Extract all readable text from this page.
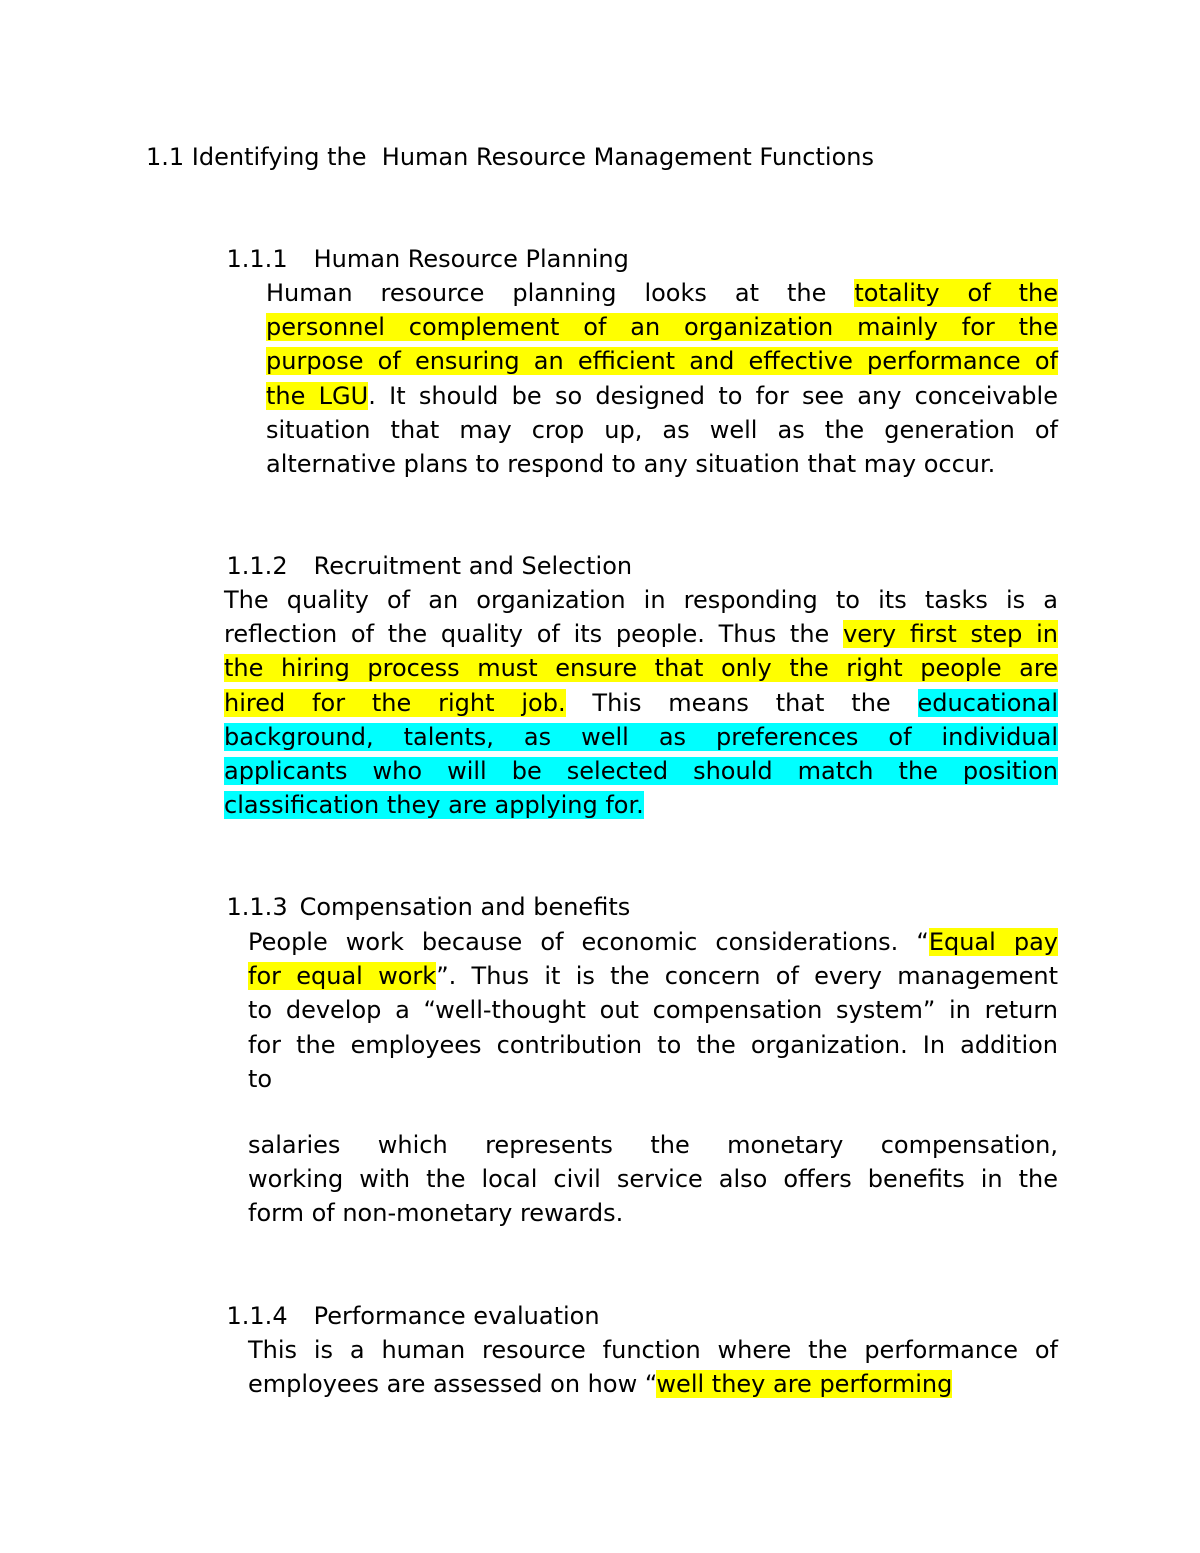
1.1 Identifying the  Human Resource Management Functions

1.1.1 Human Resource Planning

Human resource planning looks at the totality of the
personnel complement of an organization mainly for the
purpose of ensuring an efficient and effective performance of
the LGU. It should be so designed to for see any conceivable
situation that may crop up, as well as the generation of
alternative plans to respond to any situation that may occur.

1.1.2 Recruitment and Selection

The quality of an organization in responding to its tasks is a
reflection of the quality of its people. Thus the very first step in
the hiring process must ensure that only the right people are
hired for the right job. This means that the educational
background, talents, as well as preferences of individual
applicants who will be selected should match the position
classification they are applying for.

1.1.3 Compensation and benefits

People work because of economic considerations. “Equal pay
for equal work”. Thus it is the concern of every management
to develop a “well-thought out compensation system” in return
for the employees contribution to the organization. In addition
to
salaries which represents the monetary compensation,
working with the local civil service also offers benefits in the
form of non-monetary rewards.

1.1.4 Performance evaluation

This is a human resource function where the performance of
employees are assessed on how “well they are performing
